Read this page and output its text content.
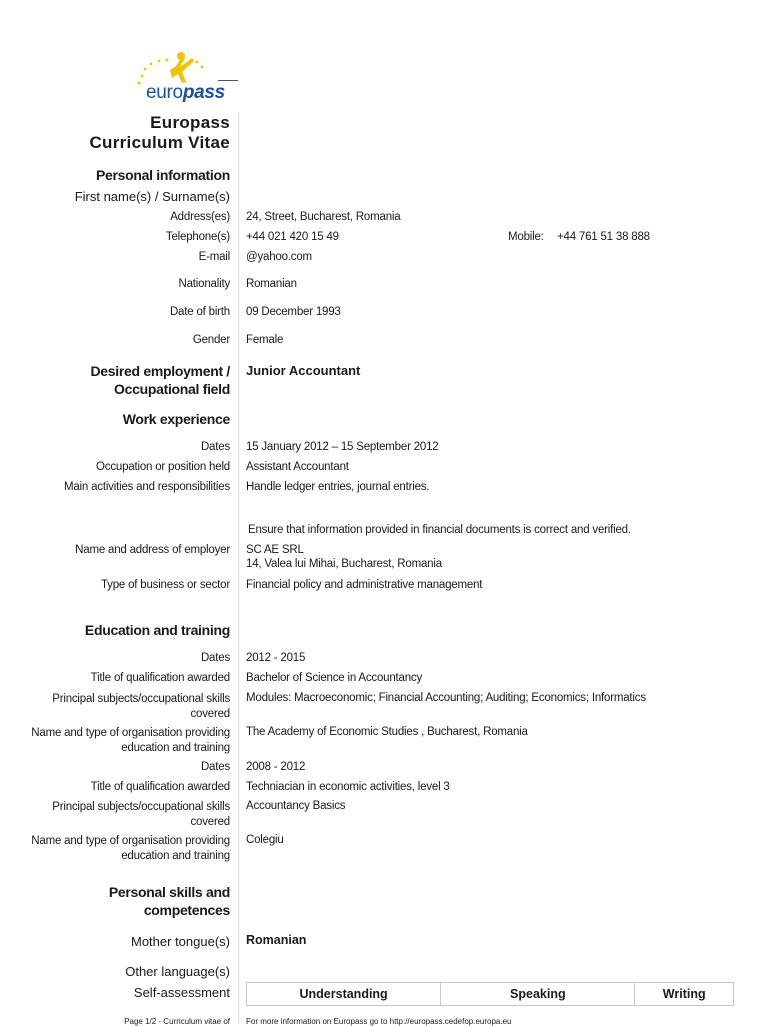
europass
Europass
Curriculum Vitae
Personal information
First name(s) / Surname(s)
Address(es) 24, Street, Bucharest, Romania
Telephone(s) +44 021 420 15 49	Mobile: +44 761 51 38 888
E-mail @yahoo.com
Nationality Romanian
Date of birth 09 December 1993
Gender Female
Desired employment / Occupational field
Junior Accountant
Work experience
Dates 15 January 2012 – 15 September 2012
Occupation or position held Assistant Accountant
Main activities and responsibilities Handle ledger entries, journal entries.
Ensure that information provided in financial documents is correct and verified.
Name and address of employer SC AE SRL
14, Valea lui Mihai, Bucharest, Romania
Type of business or sector Financial policy and administrative management
Education and training
Dates 2012 - 2015
Title of qualification awarded Bachelor of Science in Accountancy
Principal subjects/occupational skills covered
Modules: Macroeconomic; Financial Accounting; Auditing; Economics; Informatics
Name and type of organisation providing education and training
The Academy of Economic Studies , Bucharest, Romania
Dates 2008 - 2012
Title of qualification awarded Techniacian in economic activities, level 3
Principal subjects/occupational skills covered
Accountancy Basics
Name and type of organisation providing education and training
Colegiu
Personal skills and competences
Mother tongue(s) Romanian
Other language(s)
Self-assessment	Understanding	Speaking	Writing
Page 1/2 - Curriculum vitae of For more information on Europass go to http://europass.cedefop.europa.eu
